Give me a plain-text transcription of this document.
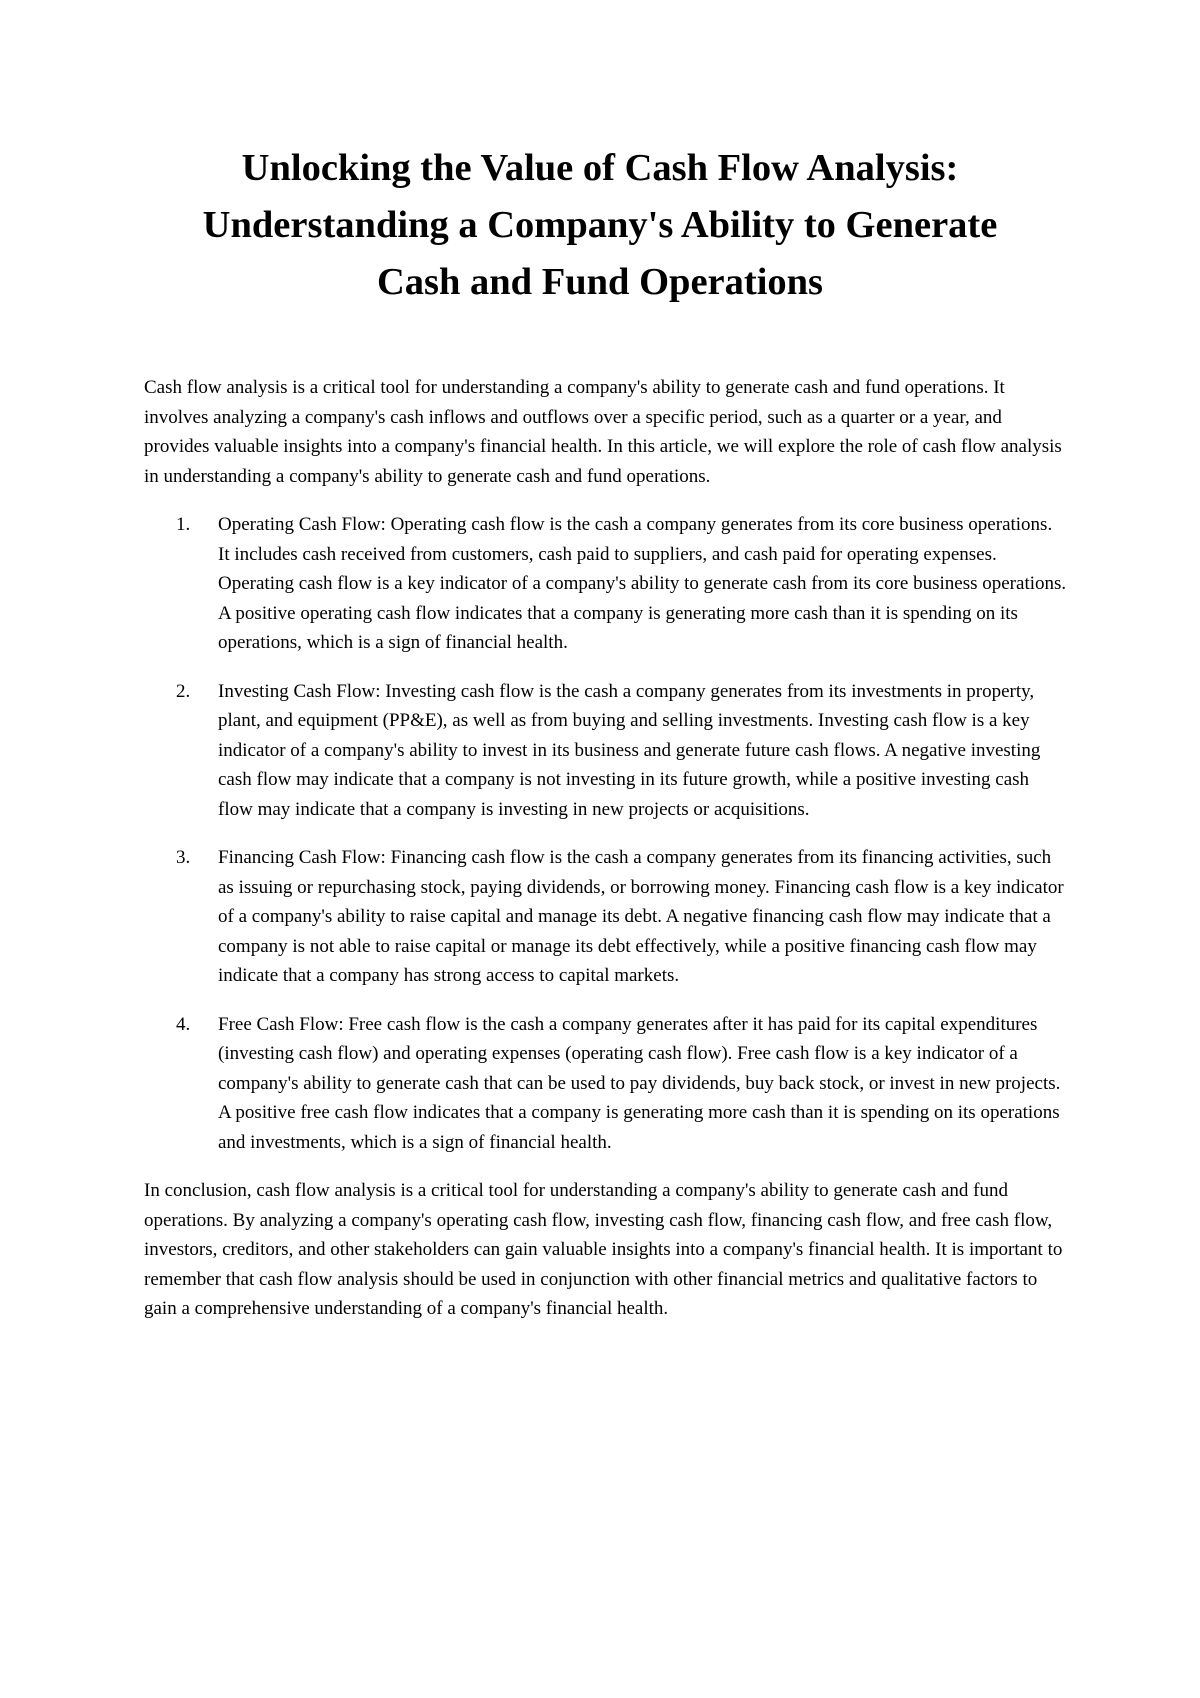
Unlocking the Value of Cash Flow Analysis:
Understanding a Company's Ability to Generate
Cash and Fund Operations

Cash flow analysis is a critical tool for understanding a company's ability to generate cash and fund operations. It involves analyzing a company's cash inflows and outflows over a specific period, such as a quarter or a year, and provides valuable insights into a company's financial health. In this article, we will explore the role of cash flow analysis in understanding a company's ability to generate cash and fund operations.

1. Operating Cash Flow: Operating cash flow is the cash a company generates from its core business operations. It includes cash received from customers, cash paid to suppliers, and cash paid for operating expenses. Operating cash flow is a key indicator of a company's ability to generate cash from its core business operations. A positive operating cash flow indicates that a company is generating more cash than it is spending on its operations, which is a sign of financial health.
2. Investing Cash Flow: Investing cash flow is the cash a company generates from its investments in property, plant, and equipment (PP&E), as well as from buying and selling investments. Investing cash flow is a key indicator of a company's ability to invest in its business and generate future cash flows. A negative investing cash flow may indicate that a company is not investing in its future growth, while a positive investing cash flow may indicate that a company is investing in new projects or acquisitions.
3. Financing Cash Flow: Financing cash flow is the cash a company generates from its financing activities, such as issuing or repurchasing stock, paying dividends, or borrowing money. Financing cash flow is a key indicator of a company's ability to raise capital and manage its debt. A negative financing cash flow may indicate that a company is not able to raise capital or manage its debt effectively, while a positive financing cash flow may indicate that a company has strong access to capital markets.
4. Free Cash Flow: Free cash flow is the cash a company generates after it has paid for its capital expenditures (investing cash flow) and operating expenses (operating cash flow). Free cash flow is a key indicator of a company's ability to generate cash that can be used to pay dividends, buy back stock, or invest in new projects. A positive free cash flow indicates that a company is generating more cash than it is spending on its operations and investments, which is a sign of financial health.

In conclusion, cash flow analysis is a critical tool for understanding a company's ability to generate cash and fund operations. By analyzing a company's operating cash flow, investing cash flow, financing cash flow, and free cash flow, investors, creditors, and other stakeholders can gain valuable insights into a company's financial health. It is important to remember that cash flow analysis should be used in conjunction with other financial metrics and qualitative factors to gain a comprehensive understanding of a company's financial health.
